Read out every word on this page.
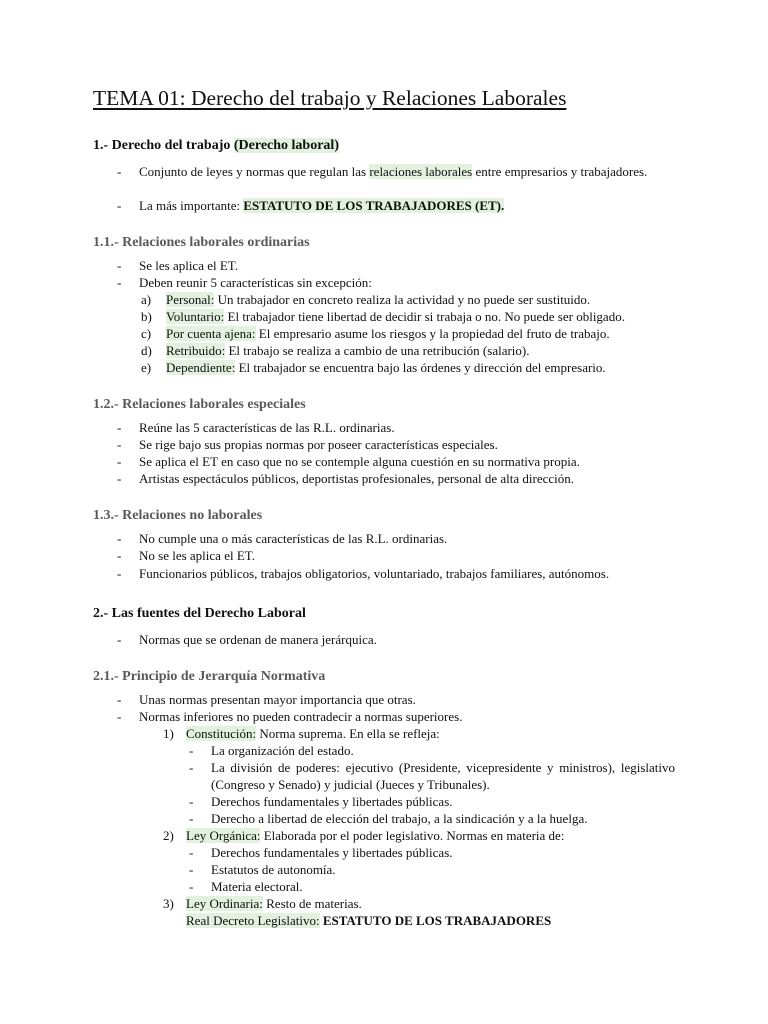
TEMA 01: Derecho del trabajo y Relaciones Laborales
1.- Derecho del trabajo (Derecho laboral)
- Conjunto de leyes y normas que regulan las relaciones laborales entre empresarios y trabajadores.
- La más importante: ESTATUTO DE LOS TRABAJADORES (ET).
1.1.- Relaciones laborales ordinarias
- Se les aplica el ET.
- Deben reunir 5 características sin excepción:
a) Personal: Un trabajador en concreto realiza la actividad y no puede ser sustituido.
b) Voluntario: El trabajador tiene libertad de decidir si trabaja o no. No puede ser obligado.
c) Por cuenta ajena: El empresario asume los riesgos y la propiedad del fruto de trabajo.
d) Retribuido: El trabajo se realiza a cambio de una retribución (salario).
e) Dependiente: El trabajador se encuentra bajo las órdenes y dirección del empresario.
1.2.- Relaciones laborales especiales
- Reúne las 5 características de las R.L. ordinarias.
- Se rige bajo sus propias normas por poseer características especiales.
- Se aplica el ET en caso que no se contemple alguna cuestión en su normativa propia.
- Artistas espectáculos públicos, deportistas profesionales, personal de alta dirección.
1.3.- Relaciones no laborales
- No cumple una o más características de las R.L. ordinarias.
- No se les aplica el ET.
- Funcionarios públicos, trabajos obligatorios, voluntariado, trabajos familiares, autónomos.
2.- Las fuentes del Derecho Laboral
- Normas que se ordenan de manera jerárquica.
2.1.- Principio de Jerarquía Normativa
- Unas normas presentan mayor importancia que otras.
- Normas inferiores no pueden contradecir a normas superiores.
1) Constitución: Norma suprema. En ella se refleja:
- La organización del estado.
- La división de poderes: ejecutivo (Presidente, vicepresidente y ministros), legislativo (Congreso y Senado) y judicial (Jueces y Tribunales).
- Derechos fundamentales y libertades públicas.
- Derecho a libertad de elección del trabajo, a la sindicación y a la huelga.
2) Ley Orgánica: Elaborada por el poder legislativo. Normas en materia de:
- Derechos fundamentales y libertades públicas.
- Estatutos de autonomía.
- Materia electoral.
3) Ley Ordinaria: Resto de materias.
Real Decreto Legislativo: ESTATUTO DE LOS TRABAJADORES
